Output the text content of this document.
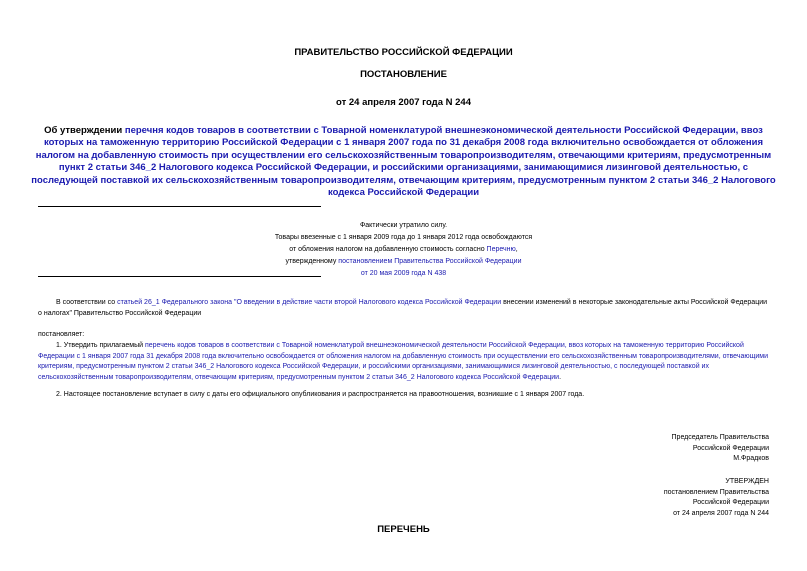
ПРАВИТЕЛЬСТВО РОССИЙСКОЙ ФЕДЕРАЦИИ
ПОСТАНОВЛЕНИЕ
от 24 апреля 2007 года N 244
Об утверждении перечня кодов товаров в соответствии с Товарной номенклатурой внешнеэкономической деятельности Российской Федерации, ввоз которых на таможенную территорию Российской Федерации с 1 января 2007 года по 31 декабря 2008 года включительно освобождается от обложения налогом на добавленную стоимость при осуществлении его сельскохозяйственным товаропроизводителям, отвечающими критериям, предусмотренным пункт 2 статьи 346_2 Налогового кодекса Российской Федерации, и российскими организациями, занимающимися лизинговой деятельностью, с последующей поставкой их сельскохозяйственным товаропроизводителям, отвечающим критериям, предусмотренным пунктом 2 статьи 346_2 Налогового кодекса Российской Федерации
Фактически утратило силу.
Товары ввезенные с 1 января 2009 года до 1 января 2012 года освобождаются
от обложения налогом на добавленную стоимость согласно Перечню,
утвержденному постановлением Правительства Российской Федерации
от 20 мая 2009 года N 438
В соответствии со статьей 26_1 Федерального закона "О введении в действие части второй Налогового кодекса Российской Федерации внесении изменений в некоторые законодательные акты Российской Федерации о налогах" Правительство Российской Федерации
постановляет:
1. Утвердить прилагаемый перечень кодов товаров в соответствии с Товарной номенклатурой внешнеэкономической деятельности Российской Федерации, ввоз которых на таможенную территорию Российской Федерации с 1 января 2007 года 31 декабря 2008 года включительно освобождается от обложения налогом на добавленную стоимость при осуществлении его сельскохозяйственным товаропроизводителями, отвечающими критериям, предусмотренным пунктом 2 статьи 346_2 Налогового кодекса Российской Федерации, и российскими организациями, занимающимися лизинговой деятельностью, с последующей поставкой их сельскохозяйственным товаропроизводителям, отвечающим критериям, предусмотренным пунктом 2 статьи 346_2 Налогового кодекса Российской Федерации.
2. Настоящее постановление вступает в силу с даты его официального опубликования и распространяется на правоотношения, возникшие с 1 января 2007 года.
Председатель Правительства
Российской Федерации
М.Фрадков
УТВЕРЖДЕН
постановлением Правительства
Российской Федерации
от 24 апреля 2007 года N 244
ПЕРЕЧЕНЬ
